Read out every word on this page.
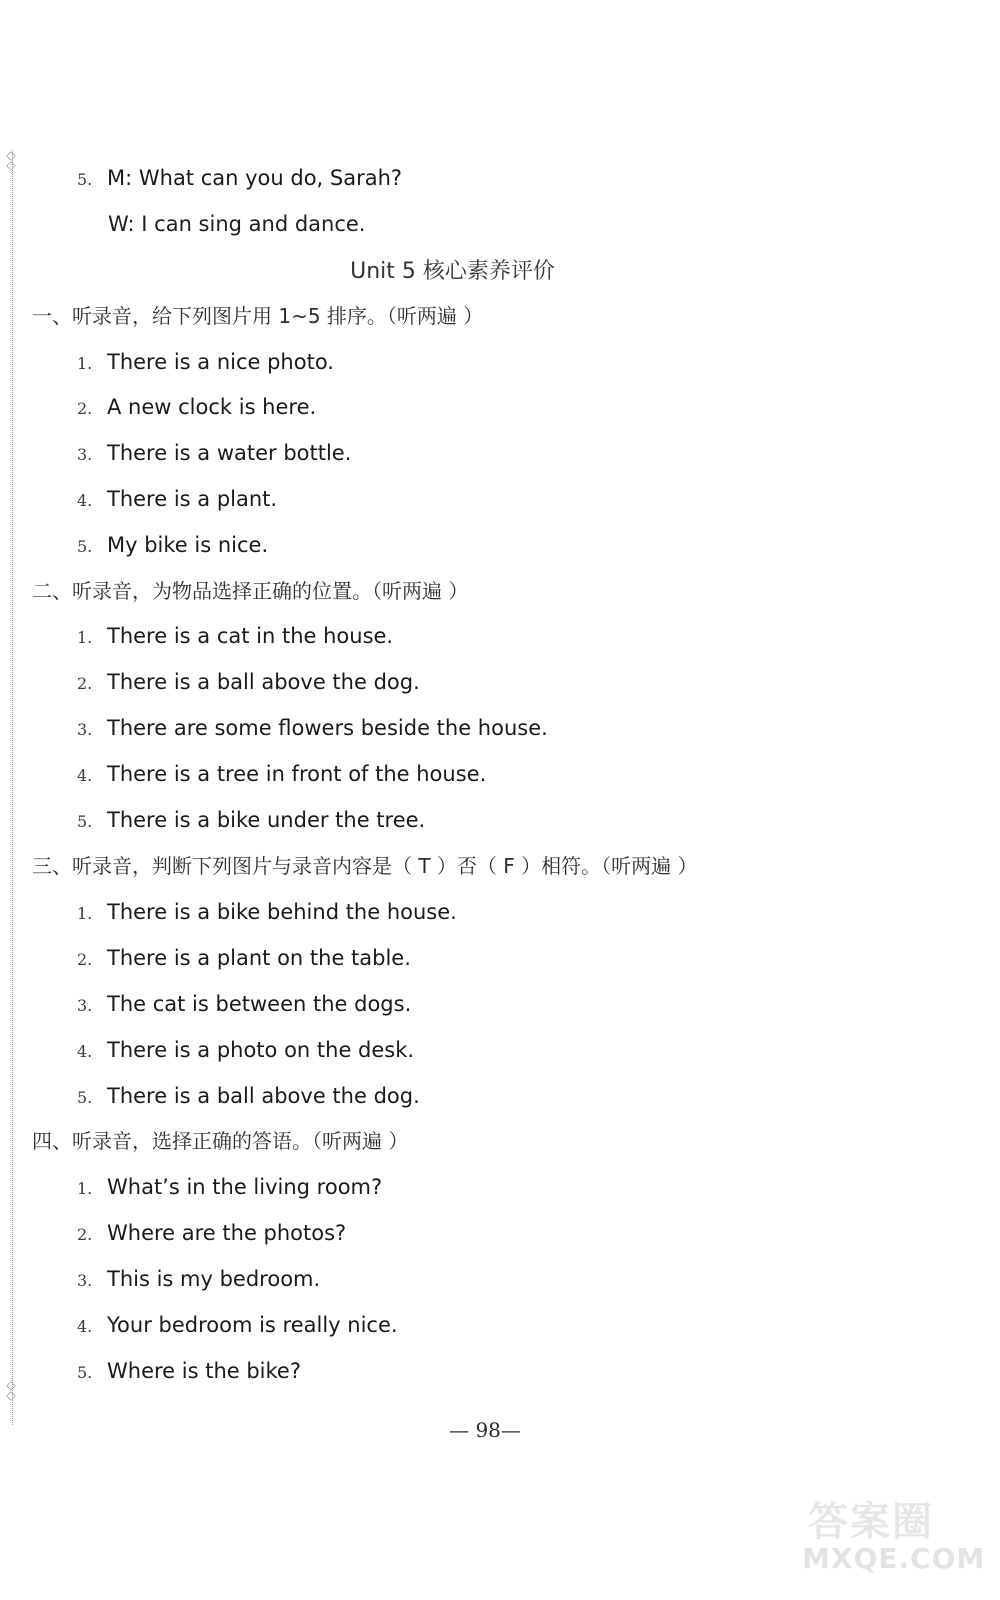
◇
◇
◇
◇
5. M: What can you do, Sarah?
W: I can sing and dance.
Unit 5 核心素养评价
一、听录音，给下列图片用 1~5 排序。（听两遍 ）
1. There is a nice photo.
2. A new clock is here.
3. There is a water bottle.
4. There is a plant.
5. My bike is nice.
二、听录音，为物品选择正确的位置。（听两遍 ）
1. There is a cat in the house.
2. There is a ball above the dog.
3. There are some flowers beside the house.
4. There is a tree in front of the house.
5. There is a bike under the tree.
三、听录音，判断下列图片与录音内容是（ T ）否（ F ）相符。（听两遍 ）
1. There is a bike behind the house.
2. There is a plant on the table.
3. The cat is between the dogs.
4. There is a photo on the desk.
5. There is a ball above the dog.
四、听录音，选择正确的答语。（听两遍 ）
1. What’s in the living room?
2. Where are the photos?
3. This is my bedroom.
4. Your bedroom is really nice.
5. Where is the bike?
— 98—
答案圈
MXQE.COM
